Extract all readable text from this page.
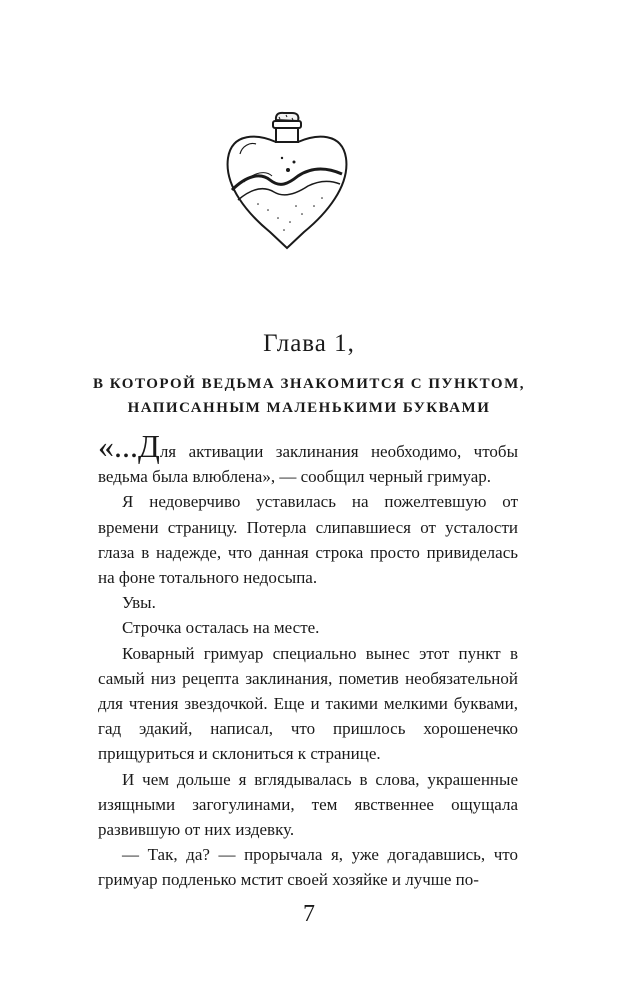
Глава 1,
В КОТОРОЙ ВЕДЬМА ЗНАКОМИТСЯ С ПУНКТОМ,
НАПИСАННЫМ МАЛЕНЬКИМИ БУКВАМИ

«...Для активации заклинания необходимо, чтобы ведьма была влюблена», — сообщил черный гримуар.

Я недоверчиво уставилась на пожелтевшую от времени страницу. Потерла слипавшиеся от усталости глаза в надежде, что данная строка просто привиделась на фоне тотального недосыпа.

Увы.

Строчка осталась на месте.

Коварный гримуар специально вынес этот пункт в самый низ рецепта заклинания, пометив необязательной для чтения звездочкой. Еще и такими мелкими буквами, гад эдакий, написал, что пришлось хорошенечко прищуриться и склониться к странице.

И чем дольше я вглядывалась в слова, украшенные изящными загогулинами, тем явственнее ощущала развившую от них издевку.

— Так, да? — прорычала я, уже догадавшись, что гримуар подленько мстит своей хозяйке и лучше по-

7
